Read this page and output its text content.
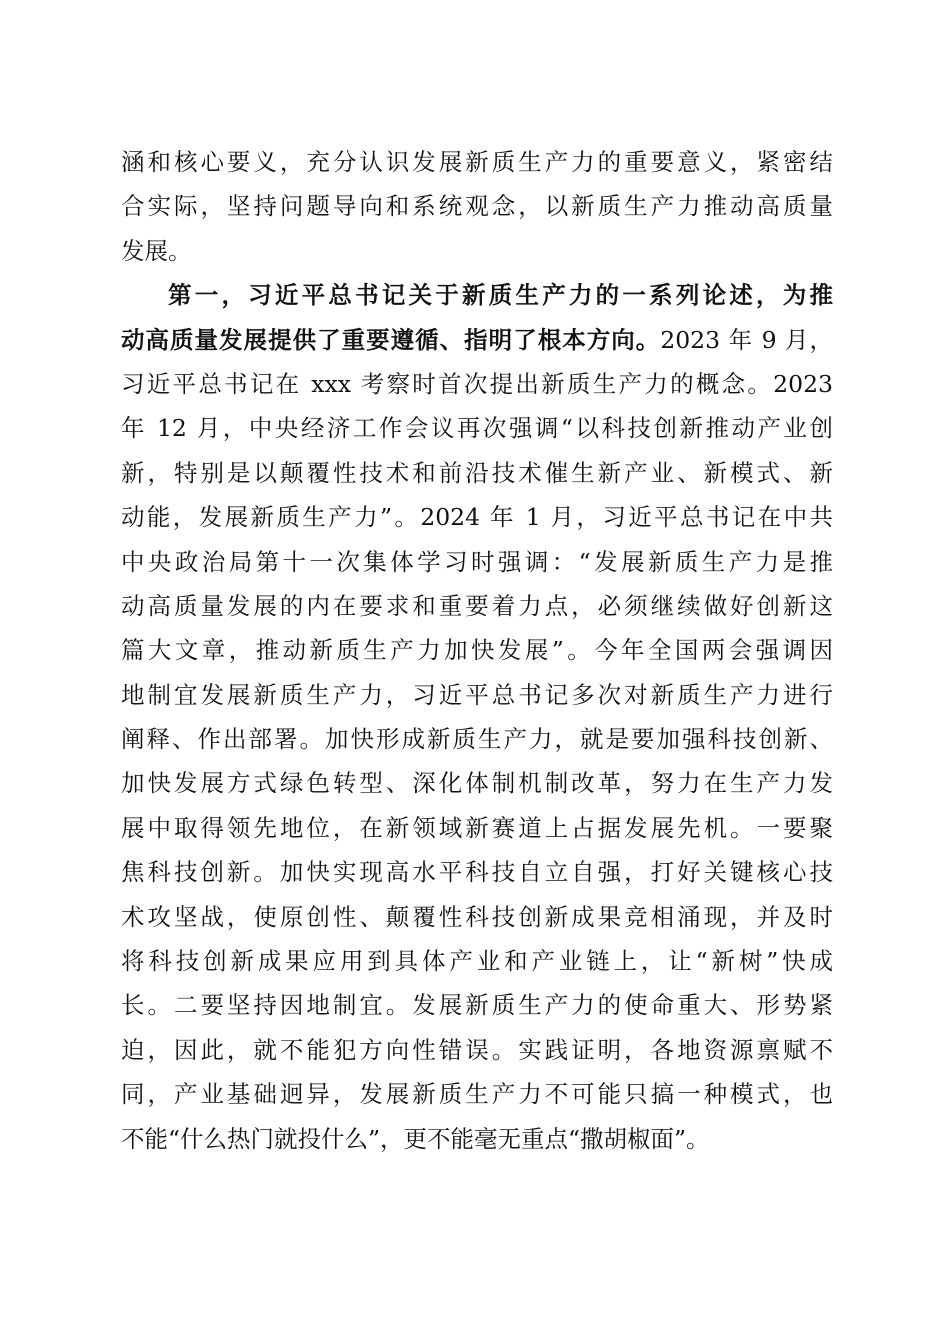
涵和核心要义，充分认识发展新质生产力的重要意义，紧密结
合实际，坚持问题导向和系统观念，以新质生产力推动高质量
发展。
第一，习近平总书记关于新质生产力的一系列论述，为推
动高质量发展提供了重要遵循、指明了根本方向。2023 年 9 月，
习近平总书记在 xxx 考察时首次提出新质生产力的概念。2023
年 12 月，中央经济工作会议再次强调“以科技创新推动产业创
新，特别是以颠覆性技术和前沿技术催生新产业、新模式、新
动能，发展新质生产力”。2024 年 1 月，习近平总书记在中共
中央政治局第十一次集体学习时强调：“发展新质生产力是推
动高质量发展的内在要求和重要着力点，必须继续做好创新这
篇大文章，推动新质生产力加快发展”。今年全国两会强调因
地制宜发展新质生产力，习近平总书记多次对新质生产力进行
阐释、作出部署。加快形成新质生产力，就是要加强科技创新、
加快发展方式绿色转型、深化体制机制改革，努力在生产力发
展中取得领先地位，在新领域新赛道上占据发展先机。一要聚
焦科技创新。加快实现高水平科技自立自强，打好关键核心技
术攻坚战，使原创性、颠覆性科技创新成果竞相涌现，并及时
将科技创新成果应用到具体产业和产业链上，让“新树”快成
长。二要坚持因地制宜。发展新质生产力的使命重大、形势紧
迫，因此，就不能犯方向性错误。实践证明，各地资源禀赋不
同，产业基础迥异，发展新质生产力不可能只搞一种模式，也
不能“什么热门就投什么”，更不能毫无重点“撒胡椒面”。
